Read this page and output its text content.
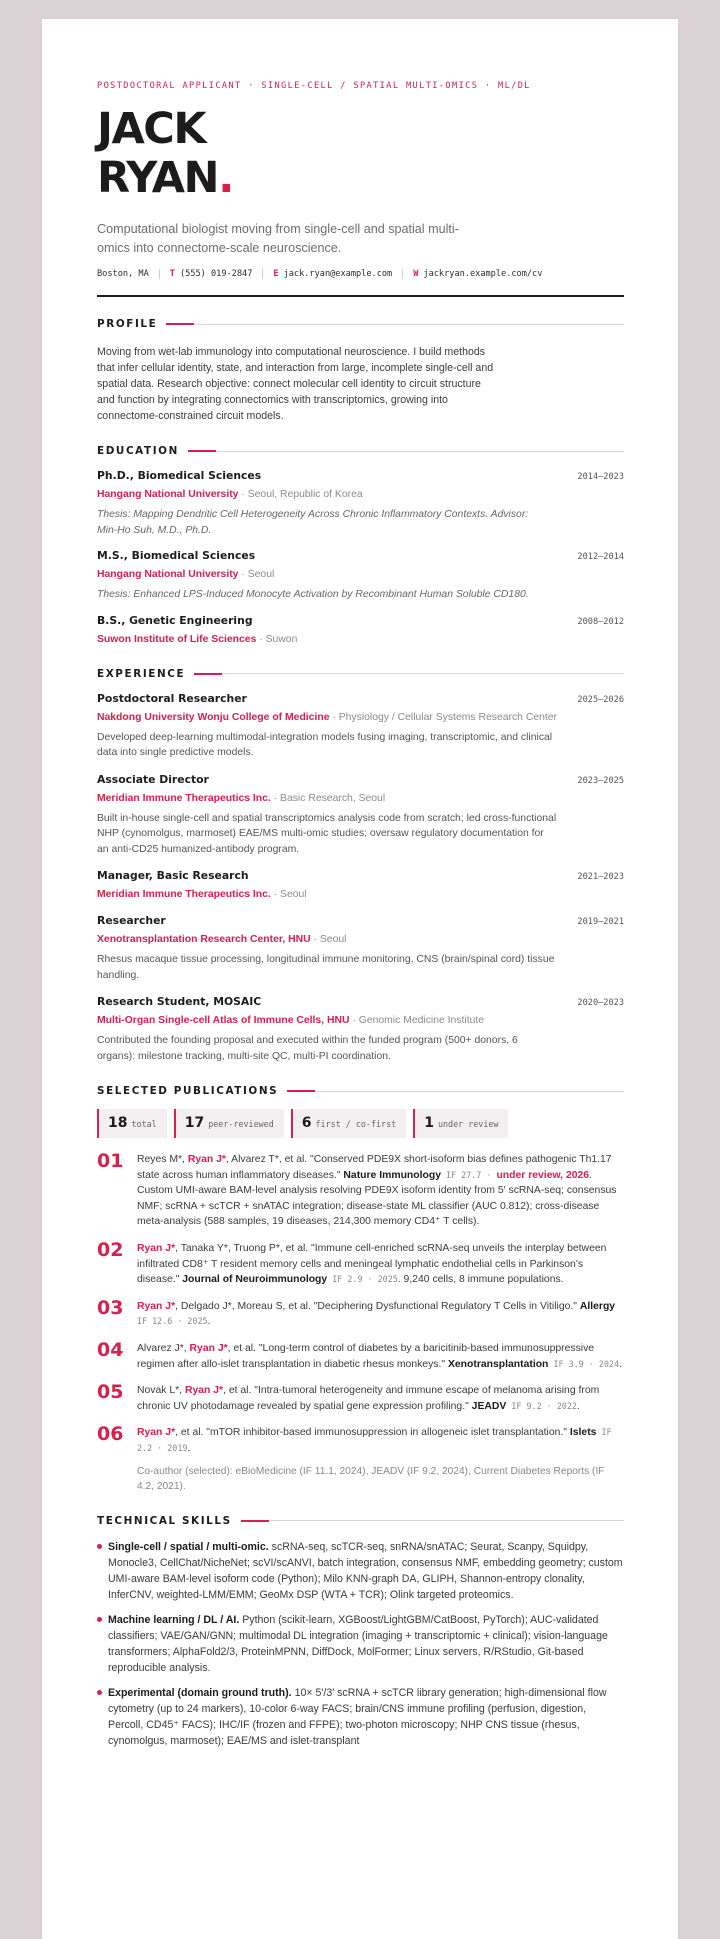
POSTDOCTORAL APPLICANT · SINGLE-CELL / SPATIAL MULTI-OMICS · ML/DL
JACK
RYAN.
Computational biologist moving from single-cell and spatial multi-omics into connectome-scale neuroscience.
Boston, MA	T (555) 019-2847	E jack.ryan@example.com	W jackryan.example.com/cv
PROFILE
Moving from wet-lab immunology into computational neuroscience. I build methods that infer cellular identity, state, and interaction from large, incomplete single-cell and spatial data. Research objective: connect molecular cell identity to circuit structure and function by integrating connectomics with transcriptomics, growing into connectome-constrained circuit models.
EDUCATION
Ph.D., Biomedical Sciences	2014–2023
Hangang National University · Seoul, Republic of Korea
Thesis: Mapping Dendritic Cell Heterogeneity Across Chronic Inflammatory Contexts. Advisor: Min-Ho Suh, M.D., Ph.D.
M.S., Biomedical Sciences	2012–2014
Hangang National University · Seoul
Thesis: Enhanced LPS-Induced Monocyte Activation by Recombinant Human Soluble CD180.
B.S., Genetic Engineering	2008–2012
Suwon Institute of Life Sciences · Suwon
EXPERIENCE
Postdoctoral Researcher	2025–2026
Nakdong University Wonju College of Medicine · Physiology / Cellular Systems Research Center
Developed deep-learning multimodal-integration models fusing imaging, transcriptomic, and clinical data into single predictive models.
Associate Director	2023–2025
Meridian Immune Therapeutics Inc. · Basic Research, Seoul
Built in-house single-cell and spatial transcriptomics analysis code from scratch; led cross-functional NHP (cynomolgus, marmoset) EAE/MS multi-omic studies; oversaw regulatory documentation for an anti-CD25 humanized-antibody program.
Manager, Basic Research	2021–2023
Meridian Immune Therapeutics Inc. · Seoul
Researcher	2019–2021
Xenotransplantation Research Center, HNU · Seoul
Rhesus macaque tissue processing, longitudinal immune monitoring, CNS (brain/spinal cord) tissue handling.
Research Student, MOSAIC	2020–2023
Multi-Organ Single-cell Atlas of Immune Cells, HNU · Genomic Medicine Institute
Contributed the founding proposal and executed within the funded program (500+ donors, 6 organs): milestone tracking, multi-site QC, multi-PI coordination.
SELECTED PUBLICATIONS
18 total 17 peer-reviewed 6 first / co-first 1 under review
01	Reyes M*, Ryan J*, Alvarez T*, et al. "Conserved PDE9X short-isoform bias defines pathogenic Th1.17 state across human inflammatory diseases." Nature Immunology IF 27.7 · under review, 2026. Custom UMI-aware BAM-level analysis resolving PDE9X isoform identity from 5′ scRNA-seq; consensus NMF; scRNA + scTCR + snATAC integration; disease-state ML classifier (AUC 0.812); cross-disease meta-analysis (588 samples, 19 diseases, 214,300 memory CD4⁺ T cells).
02	Ryan J*, Tanaka Y*, Truong P*, et al. "Immune cell-enriched scRNA-seq unveils the interplay between infiltrated CD8⁺ T resident memory cells and meningeal lymphatic endothelial cells in Parkinson's disease." Journal of Neuroimmunology IF 2.9 · 2025. 9,240 cells, 8 immune populations.
03	Ryan J*, Delgado J*, Moreau S, et al. "Deciphering Dysfunctional Regulatory T Cells in Vitiligo." Allergy IF 12.6 · 2025.
04	Alvarez J*, Ryan J*, et al. "Long-term control of diabetes by a baricitinib-based immunosuppressive regimen after allo-islet transplantation in diabetic rhesus monkeys." Xenotransplantation IF 3.9 · 2024.
05	Novak L*, Ryan J*, et al. "Intra-tumoral heterogeneity and immune escape of melanoma arising from chronic UV photodamage revealed by spatial gene expression profiling." JEADV IF 9.2 · 2022.
06	Ryan J*, et al. "mTOR inhibitor-based immunosuppression in allogeneic islet transplantation." Islets IF 2.2 · 2019.
Co-author (selected): eBioMedicine (IF 11.1, 2024), JEADV (IF 9.2, 2024), Current Diabetes Reports (IF 4.2, 2021).
TECHNICAL SKILLS
Single-cell / spatial / multi-omic. scRNA-seq, scTCR-seq, snRNA/snATAC; Seurat, Scanpy, Squidpy, Monocle3, CellChat/NicheNet; scVI/scANVI, batch integration, consensus NMF, embedding geometry; custom UMI-aware BAM-level isoform code (Python); Milo KNN-graph DA, GLIPH, Shannon-entropy clonality, InferCNV, weighted-LMM/EMM; GeoMx DSP (WTA + TCR); Olink targeted proteomics.
Machine learning / DL / AI. Python (scikit-learn, XGBoost/LightGBM/CatBoost, PyTorch); AUC-validated classifiers; VAE/GAN/GNN; multimodal DL integration (imaging + transcriptomic + clinical); vision-language transformers; AlphaFold2/3, ProteinMPNN, DiffDock, MolFormer; Linux servers, R/RStudio, Git-based reproducible analysis.
Experimental (domain ground truth). 10× 5′/3′ scRNA + scTCR library generation; high-dimensional flow cytometry (up to 24 markers), 10-color 6-way FACS; brain/CNS immune profiling (perfusion, digestion, Percoll, CD45⁺ FACS); IHC/IF (frozen and FFPE); two-photon microscopy; NHP CNS tissue (rhesus, cynomolgus, marmoset); EAE/MS and islet-transplant
